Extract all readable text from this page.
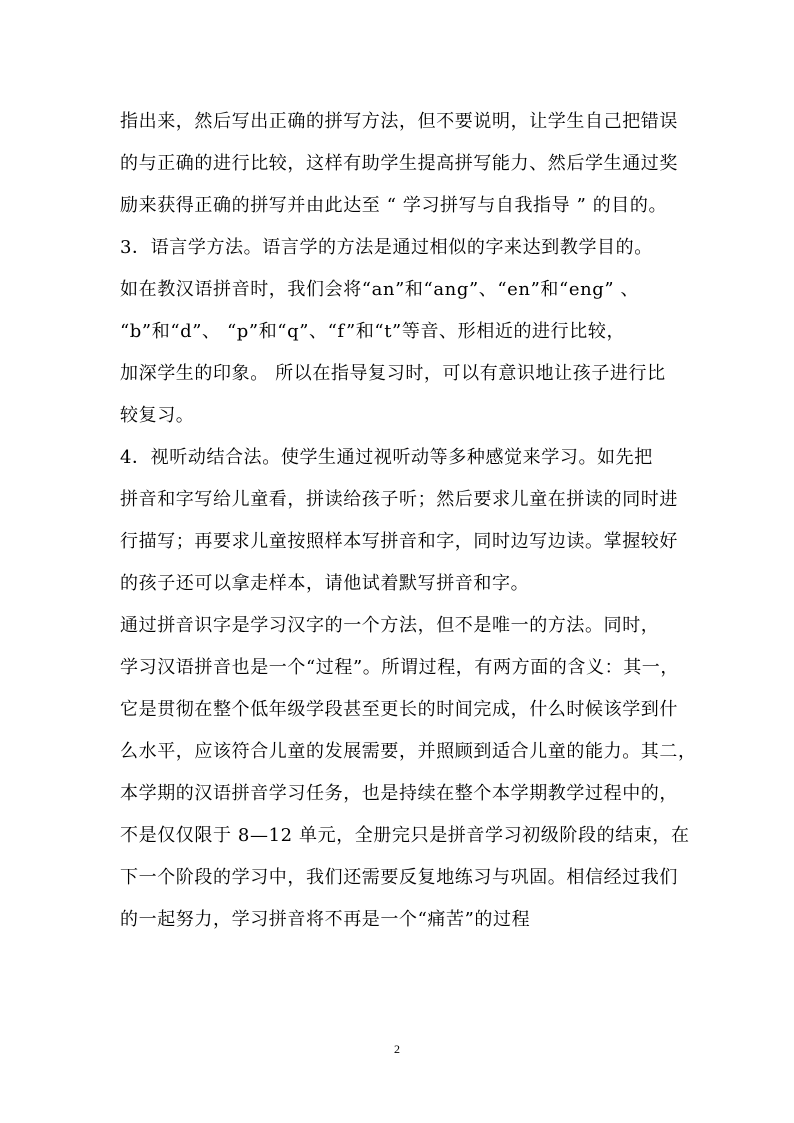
指出来，然后写出正确的拼写方法，但不要说明，让学生自己把错误
的与正确的进行比较，这样有助学生提高拼写能力、然后学生通过奖
励来获得正确的拼写并由此达至 “ 学习拼写与自我指导 ” 的目的。
3．语言学方法。语言学的方法是通过相似的字来达到教学目的。
如在教汉语拼音时，我们会将“an”和“ang”、“en”和“eng” 、
“b”和“d”、 “p”和“q”、“f”和“t”等音、形相近的进行比较，
加深学生的印象。 所以在指导复习时，可以有意识地让孩子进行比
较复习。
4．视听动结合法。使学生通过视听动等多种感觉来学习。如先把
拼音和字写给儿童看，拼读给孩子听；然后要求儿童在拼读的同时进
行描写；再要求儿童按照样本写拼音和字，同时边写边读。掌握较好
的孩子还可以拿走样本，请他试着默写拼音和字。
通过拼音识字是学习汉字的一个方法，但不是唯一的方法。同时，
学习汉语拼音也是一个“过程”。所谓过程，有两方面的含义：其一，
它是贯彻在整个低年级学段甚至更长的时间完成，什么时候该学到什
么水平，应该符合儿童的发展需要，并照顾到适合儿童的能力。其二，
本学期的汉语拼音学习任务，也是持续在整个本学期教学过程中的，
不是仅仅限于 8—12 单元，全册完只是拼音学习初级阶段的结束，在
下一个阶段的学习中，我们还需要反复地练习与巩固。相信经过我们
的一起努力，学习拼音将不再是一个“痛苦”的过程
2
